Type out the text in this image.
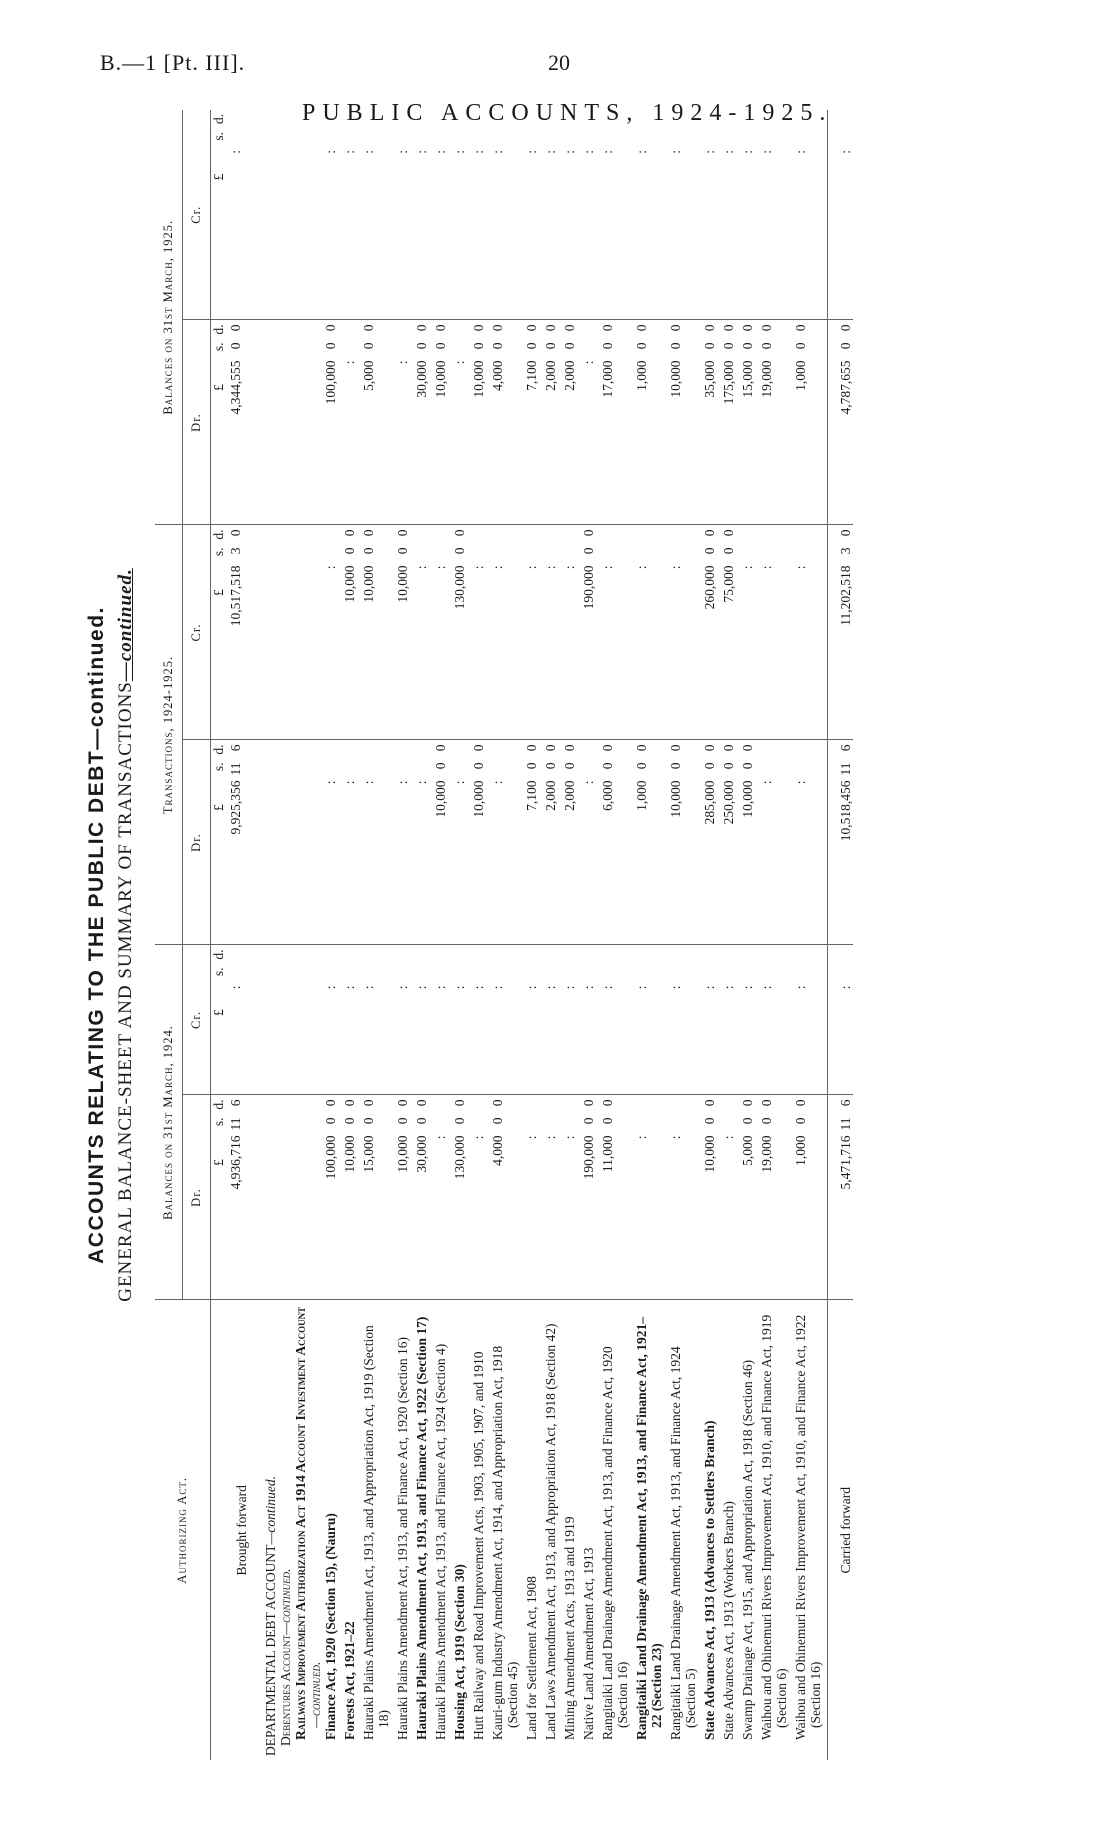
B.—1 [Pt. III].	20
PUBLIC ACCOUNTS, 1924-1925.
ACCOUNTS RELATING TO THE PUBLIC DEBT—continued. GENERAL BALANCE-SHEET AND SUMMARY OF TRANSACTIONS—continued.
Authorizing Act.	Balances on 31st March, 1924.		Transactions, 1924-1925.		Balances on 31st March, 1925.	
	Dr.	Cr.	Dr.	Cr.	Dr.	Cr.
	£       s.d.	£       s.d.	£       s.d.	£       s.d.	£       s.d.	£       s.d.
Brought forward	4,936,716116	:	9,925,356116	10,517,51830	4,344,55500	:
DEPARTMENTAL DEBT ACCOUNT—continued.						
Debentures Account—continued.						
Railways Improvement Authorization Act 1914 Account Investment Account—continued.						
Finance Act, 1920 (Section 15), (Nauru)	100,00000	:	:	:	100,00000	:
Forests Act, 1921–22	10,00000	:	:	10,00000	:	:
Hauraki Plains Amendment Act, 1913, and Appropriation Act, 1919 (Section 18)	15,00000	:	:	10,00000	5,00000	:
Hauraki Plains Amendment Act, 1913, and Finance Act, 1920 (Section 16)	10,00000	:	:	10,00000	:	:
Hauraki Plains Amendment Act, 1913, and Finance Act, 1922 (Section 17)	30,00000	:	:	:	30,00000	:
Hauraki Plains Amendment Act, 1913, and Finance Act, 1924 (Section 4)	:	:	10,00000	:	10,00000	:
Housing Act, 1919 (Section 30)	130,00000	:	:	130,00000	:	:
Hutt Railway and Road Improvement Acts, 1903, 1905, 1907, and 1910	:	:	10,00000	:	10,00000	:
Kauri-gum Industry Amendment Act, 1914, and Appropriation Act, 1918 (Section 45)	4,00000	:	:	:	4,00000	:
Land for Settlement Act, 1908	:	:	7,10000	:	7,10000	:
Land Laws Amendment Act, 1913, and Appropriation Act, 1918 (Section 42)	:	:	2,00000	:	2,00000	:
Mining Amendment Acts, 1913 and 1919	:	:	2,00000	:	2,00000	:
Native Land Amendment Act, 1913	190,00000	:	:	190,00000	:	:
Rangitaiki Land Drainage Amendment Act, 1913, and Finance Act, 1920 (Section 16)	11,00000	:	6,00000	:	17,00000	:
Rangitaiki Land Drainage Amendment Act, 1913, and Finance Act, 1921–22 (Section 23)	:	:	1,00000	:	1,00000	:
Rangitaiki Land Drainage Amendment Act, 1913, and Finance Act, 1924 (Section 5)	:	:	10,00000	:	10,00000	:
State Advances Act, 1913 (Advances to Settlers Branch)	10,00000	:	285,00000	260,00000	35,00000	:
State Advances Act, 1913 (Workers Branch)	:	:	250,00000	75,00000	175,00000	:
Swamp Drainage Act, 1915, and Appropriation Act, 1918 (Section 46)	5,00000	:	10,00000	:	15,00000	:
Waihou and Ohinemuri Rivers Improvement Act, 1910, and Finance Act, 1919 (Section 6)	19,00000	:	:	:	19,00000	:
Waihou and Ohinemuri Rivers Improvement Act, 1910, and Finance Act, 1922 (Section 16)	1,00000	:	:	:	1,00000	:
Carried forward	5,471,716116	:	10,518,456116	11,202,51830	4,787,65500	:
